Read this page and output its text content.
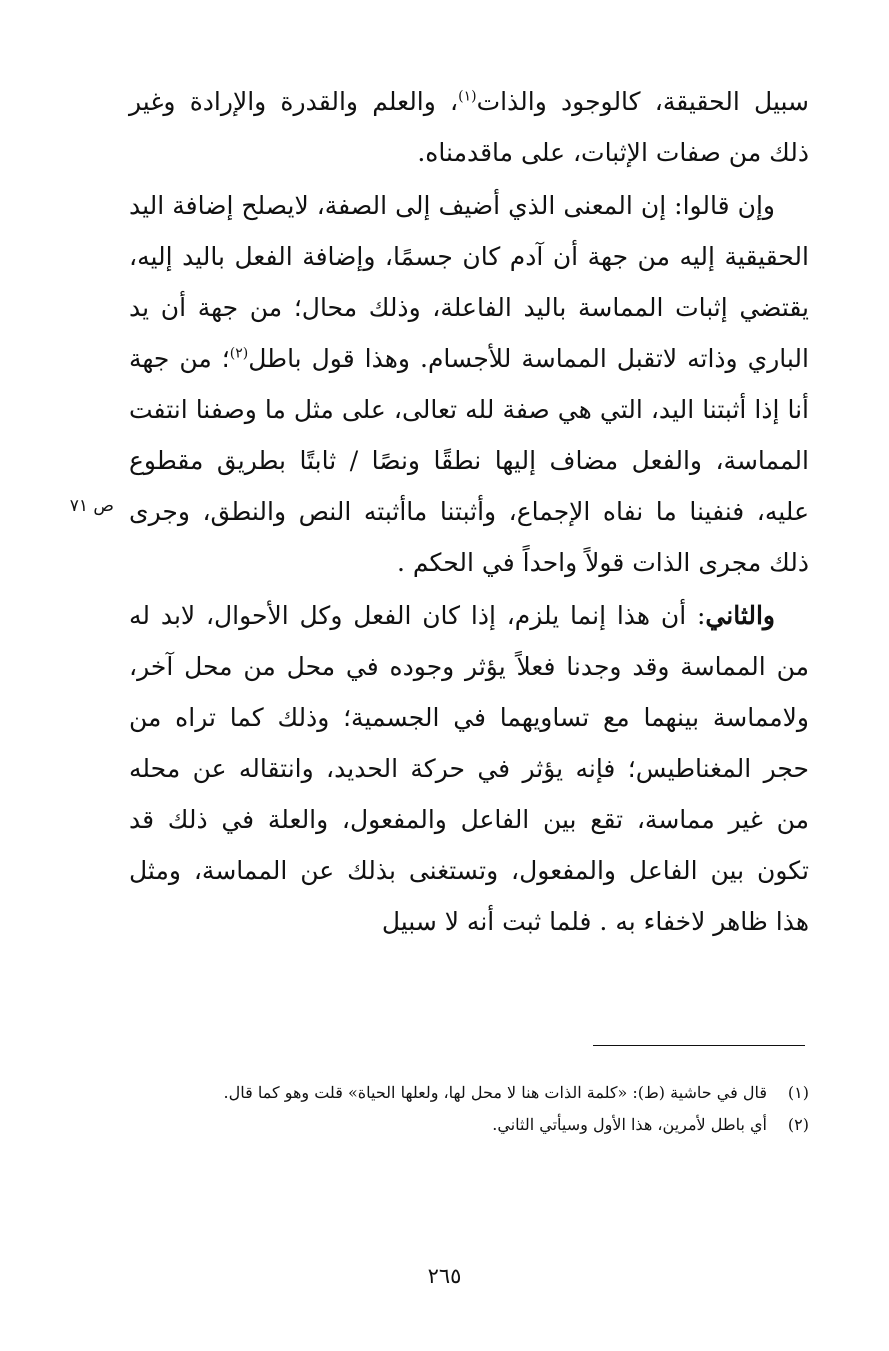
سبيل الحقيقة، كالوجود والذات$^{(١)}$، والعلم والقدرة والإرادة وغير ذلك من صفات الإثبات، على ماقدمناه.

وإن قالوا: إن المعنى الذي أضيف إلى الصفة، لايصلح إضافة اليد الحقيقية إليه من جهة أن آدم كان جسمًا، وإضافة الفعل باليد إليه، يقتضي إثبات المماسة باليد الفاعلة، وذلك محال؛ من جهة أن يد الباري وذاته لاتقبل المماسة للأجسام. وهذا قول باطل$^{(٢)}$؛ من جهة أنا إذا أثبتنا اليد، التي هي صفة لله تعالى، على مثل ما وصفنا انتفت المماسة، والفعل مضاف إليها نطقًا ونصًا / ثابتًا بطريق مقطوع عليه، فنفينا ما نفاه الإجماع، وأثبتنا ماأثبته النص والنطق، وجرى ذلك مجرى الذات قولاً واحداً في الحكم .

والثاني: أن هذا إنما يلزم، إذا كان الفعل وكل الأحوال، لابد له من المماسة وقد وجدنا فعلاً يؤثر وجوده في محل من محل آخر، ولامماسة بينهما مع تساويهما في الجسمية؛ وذلك كما تراه من حجر المغناطيس؛ فإنه يؤثر في حركة الحديد، وانتقاله عن محله من غير مماسة، تقع بين الفاعل والمفعول، والعلة في ذلك قد تكون بين الفاعل والمفعول، وتستغنى بذلك عن المماسة، ومثل هذا ظاهر لاخفاء به . فلما ثبت أنه لا سبيل

ص ٧١
(١)
قال في حاشية (ط): «كلمة الذات هنا لا محل لها، ولعلها الحياة» قلت وهو كما قال.
(٢)
أي باطل لأمرين، هذا الأول وسيأتي الثاني.
٢٦٥
